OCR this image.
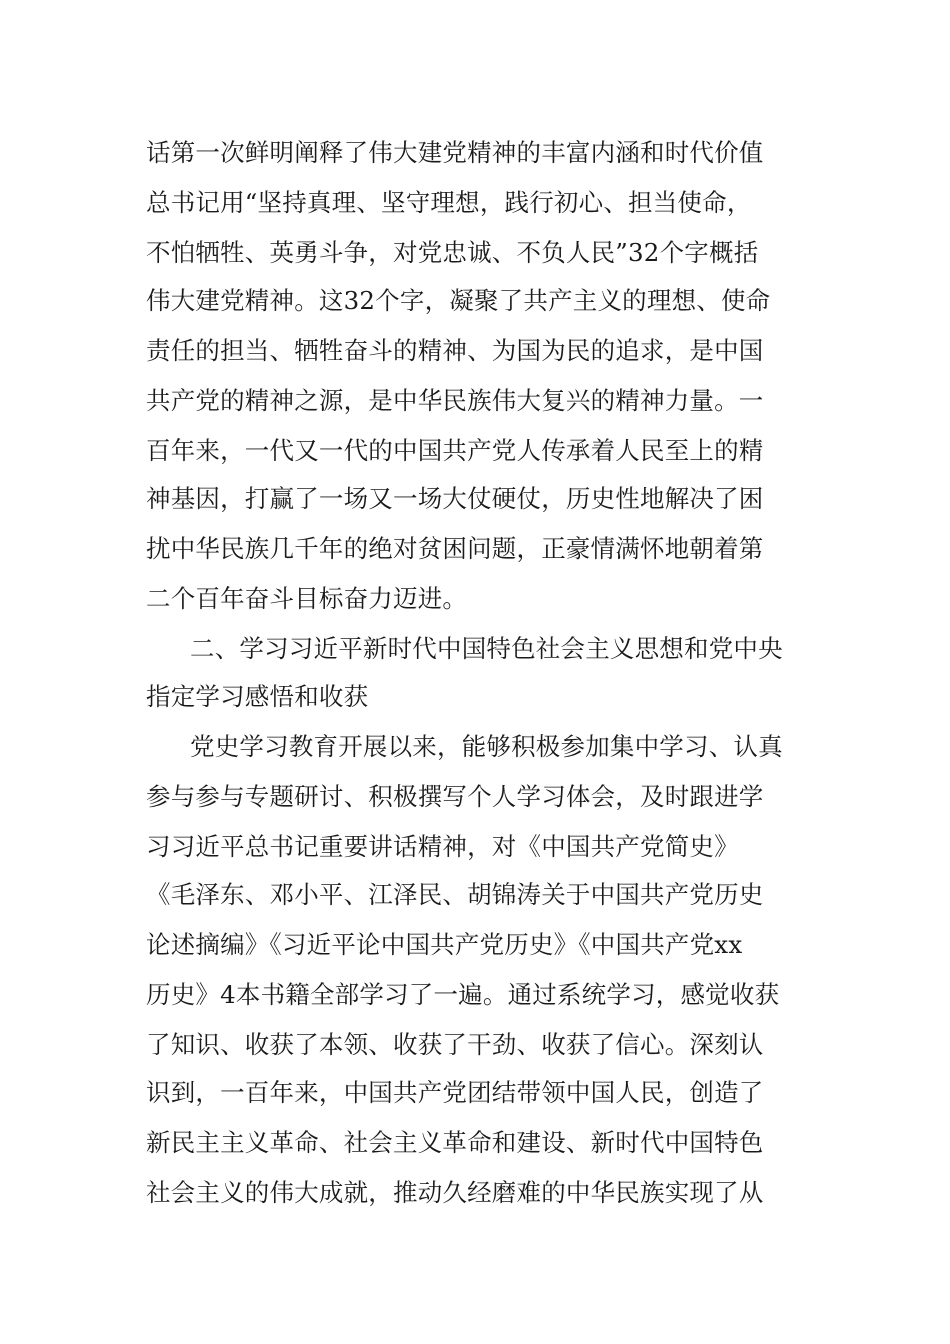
话第一次鲜明阐释了伟大建党精神的丰富内涵和时代价值
总书记用“坚持真理、坚守理想，践行初心、担当使命，
不怕牺牲、英勇斗争，对党忠诚、不负人民”32个字概括
伟大建党精神。这32个字，凝聚了共产主义的理想、使命
责任的担当、牺牲奋斗的精神、为国为民的追求，是中国
共产党的精神之源，是中华民族伟大复兴的精神力量。一
百年来，一代又一代的中国共产党人传承着人民至上的精
神基因，打赢了一场又一场大仗硬仗，历史性地解决了困
扰中华民族几千年的绝对贫困问题，正豪情满怀地朝着第
二个百年奋斗目标奋力迈进。
二、学习习近平新时代中国特色社会主义思想和党中央
指定学习感悟和收获
党史学习教育开展以来，能够积极参加集中学习、认真
参与参与专题研讨、积极撰写个人学习体会，及时跟进学
习习近平总书记重要讲话精神，对《中国共产党简史》
《毛泽东、邓小平、江泽民、胡锦涛关于中国共产党历史
论述摘编》《习近平论中国共产党历史》《中国共产党xx
历史》4本书籍全部学习了一遍。通过系统学习，感觉收获
了知识、收获了本领、收获了干劲、收获了信心。深刻认
识到，一百年来，中国共产党团结带领中国人民，创造了
新民主主义革命、社会主义革命和建设、新时代中国特色
社会主义的伟大成就，推动久经磨难的中华民族实现了从
